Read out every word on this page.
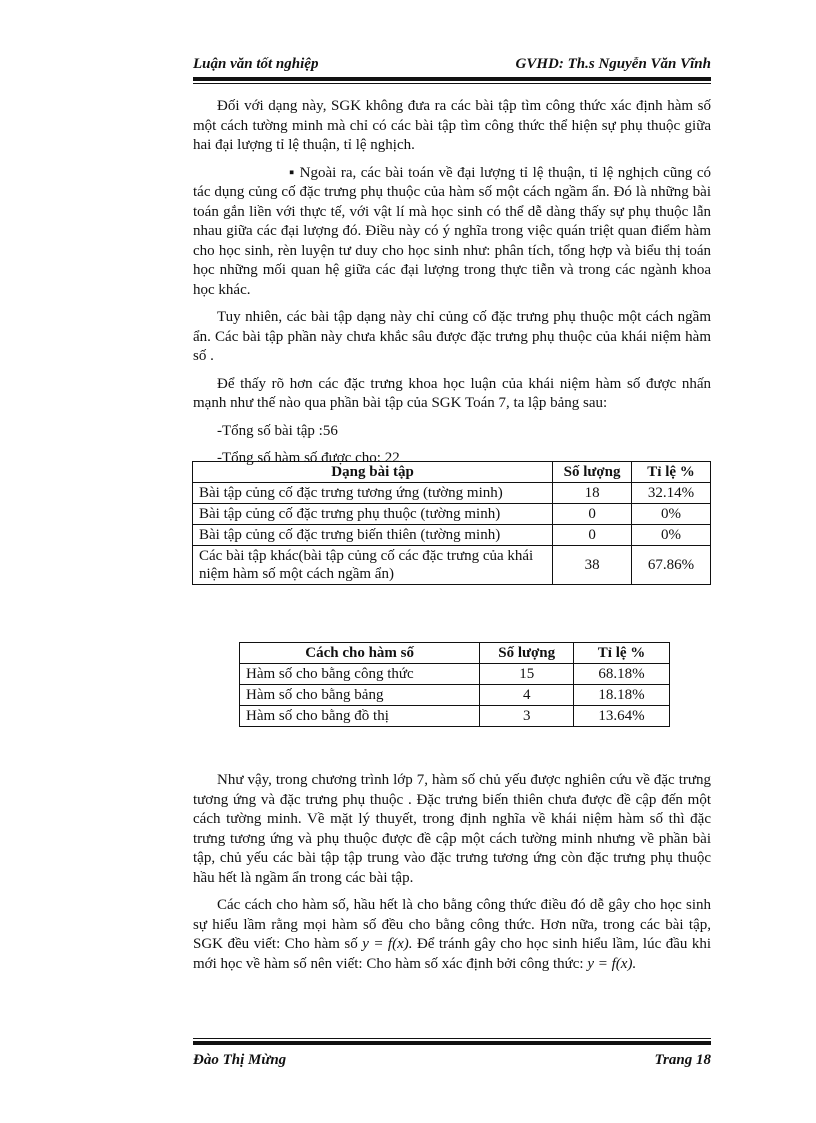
Luận văn tốt nghiệp	GVHD: Th.s Nguyễn Văn Vĩnh

Đối với dạng này, SGK không đưa ra các bài tập tìm công thức xác định hàm số một cách tường minh mà chỉ có các bài tập tìm công thức thể hiện sự phụ thuộc giữa hai đại lượng tỉ lệ thuận, tỉ lệ nghịch.

▪ Ngoài ra, các bài toán về đại lượng tỉ lệ thuận, tỉ lệ nghịch cũng có tác dụng củng cố đặc trưng phụ thuộc của hàm số một cách ngầm ẩn. Đó là những bài toán gắn liền với thực tế, với vật lí mà học sinh có thể dễ dàng thấy sự phụ thuộc lẫn nhau giữa các đại lượng đó. Điều này có ý nghĩa trong việc quán triệt quan điểm hàm cho học sinh, rèn luyện tư duy cho học sinh như: phân tích, tổng hợp và biểu thị toán học những mối quan hệ giữa các đại lượng trong thực tiễn và trong các ngành khoa học khác.

Tuy nhiên, các bài tập dạng này chỉ củng cố đặc trưng phụ thuộc một cách ngầm ẩn. Các bài tập phần này chưa khắc sâu được đặc trưng phụ thuộc của khái niệm hàm số .

Để thấy rõ hơn các đặc trưng khoa học luận của khái niệm hàm số được nhấn mạnh như thế nào qua phần bài tập của SGK Toán 7, ta lập bảng sau:

-Tổng số bài tập :56

-Tổng số hàm số được cho: 22

Dạng bài tập	Số lượng	Tỉ lệ %
Bài tập củng cố đặc trưng tương ứng (tường minh)	18	32.14%
Bài tập củng cố đặc trưng phụ thuộc (tường minh)	0	0%
Bài tập củng cố đặc trưng biến thiên (tường minh)	0	0%
Các bài tập khác(bài tập củng cố các đặc trưng của khái niệm hàm số một cách ngầm ẩn)	38	67.86%
Cách cho hàm số	Số lượng	Tỉ lệ %
Hàm số cho bằng công thức	15	68.18%
Hàm số cho bằng bảng	4	18.18%
Hàm số cho bằng đồ thị	3	13.64%

Như vậy, trong chương trình lớp 7, hàm số chủ yếu được nghiên cứu về đặc trưng tương ứng và đặc trưng phụ thuộc . Đặc trưng biến thiên chưa được đề cập đến một cách tường minh. Về mặt lý thuyết, trong định nghĩa về khái niệm hàm số thì đặc trưng tương ứng và phụ thuộc được đề cập một cách tường minh nhưng về phần bài tập, chủ yếu các bài tập tập trung vào đặc trưng tương ứng còn đặc trưng phụ thuộc hầu hết là ngầm ẩn trong các bài tập.

Các cách cho hàm số, hầu hết là cho bằng công thức điều đó dễ gây cho học sinh sự hiểu lầm rằng mọi hàm số đều cho bằng công thức. Hơn nữa, trong các bài tập, SGK đều viết: Cho hàm số y = f(x). Để tránh gây cho học sinh hiểu lầm, lúc đầu khi mới học về hàm số nên viết: Cho hàm số xác định bởi công thức: y = f(x).

Đào Thị Mừng	Trang 18
